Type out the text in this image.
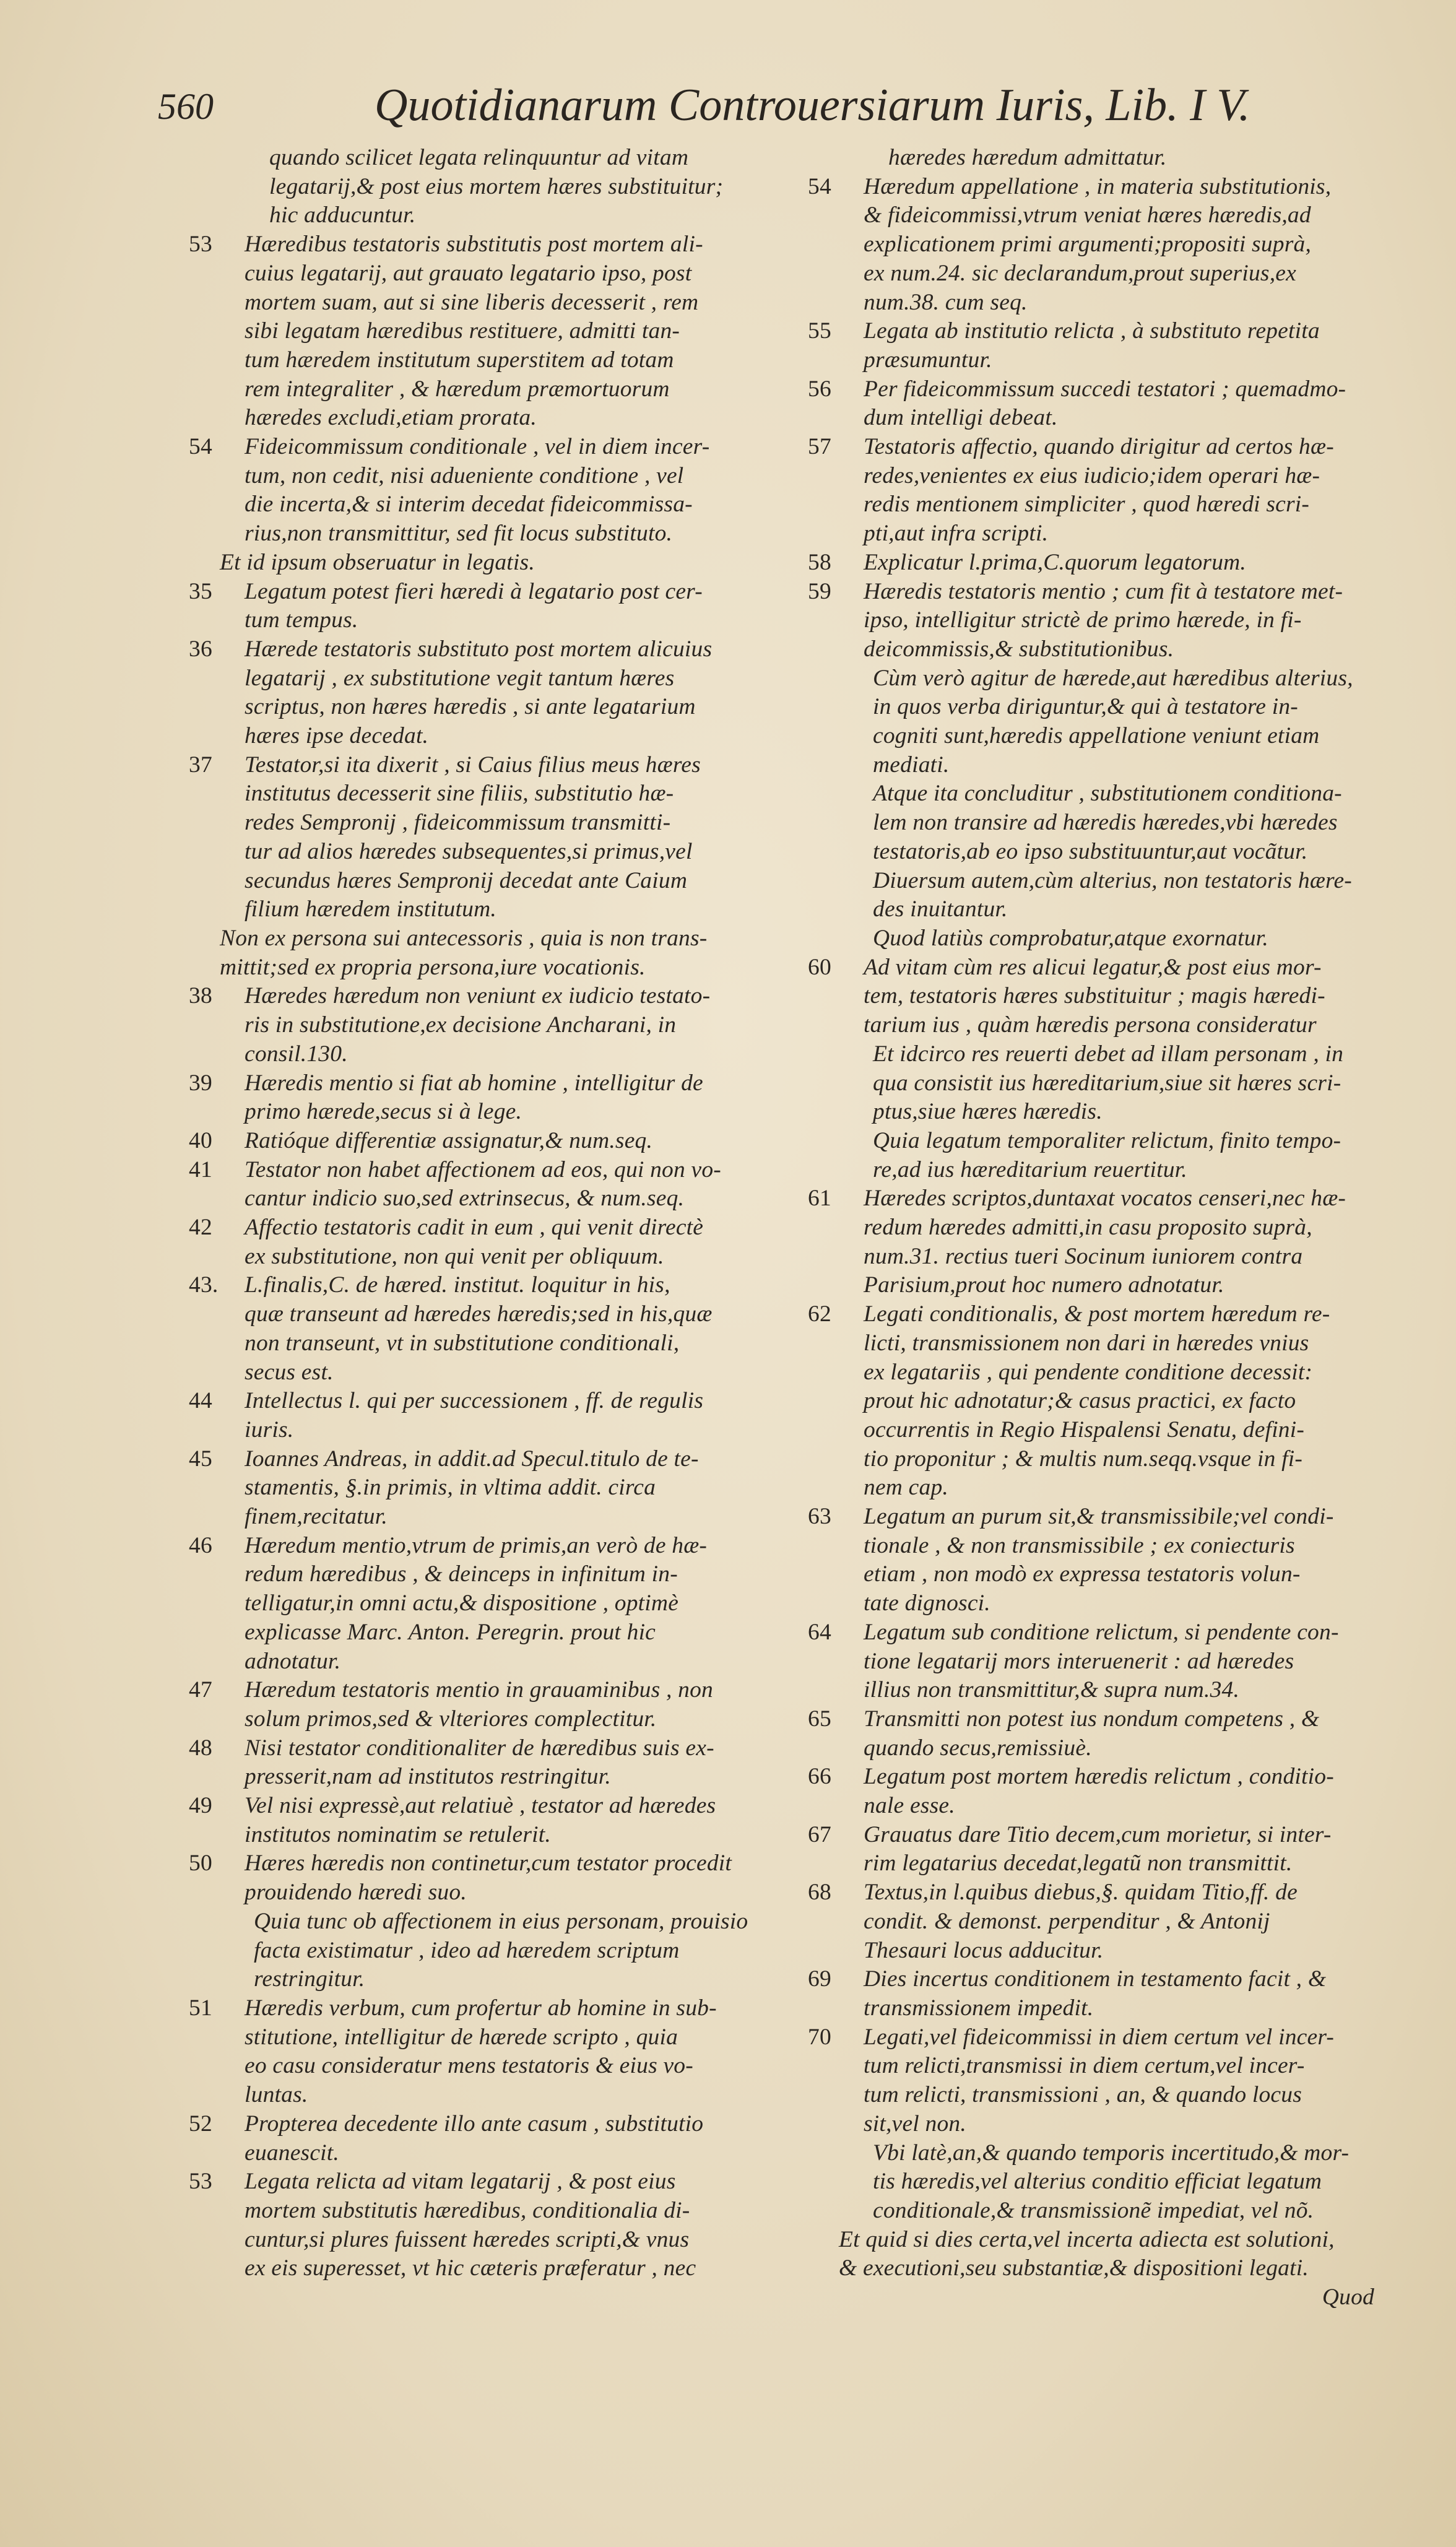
560	Quotidianarum Controuersiarum Iuris, Lib. I V.
quando scilicet legata relinquuntur ad vitam
legatarij,& post eius mortem hæres substituitur;
hic adducuntur.
53 Hæredibus testatoris substitutis post mortem ali-
cuius legatarij, aut grauato legatario ipso, post
mortem suam, aut si sine liberis decesserit , rem
sibi legatam hæredibus restituere, admitti tan-
tum hæredem institutum superstitem ad totam
rem integraliter , & hæredum præmortuorum
hæredes excludi,etiam prorata.
54 Fideicommissum conditionale , vel in diem incer-
tum, non cedit, nisi adueniente conditione , vel
die incerta,& si interim decedat fideicommissa-
rius,non transmittitur, sed fit locus substituto.
Et id ipsum obseruatur in legatis.
35 Legatum potest fieri hæredi à legatario post cer-
tum tempus.
36 Hærede testatoris substituto post mortem alicuius
legatarij , ex substitutione vegit tantum hæres
scriptus, non hæres hæredis , si ante legatarium
hæres ipse decedat.
37 Testator,si ita dixerit , si Caius filius meus hæres
institutus decesserit sine filiis, substitutio hæ-
redes Sempronij , fideicommissum transmitti-
tur ad alios hæredes subsequentes,si primus,vel
secundus hæres Sempronij decedat ante Caium
filium hæredem institutum.
Non ex persona sui antecessoris , quia is non trans-
mittit;sed ex propria persona,iure vocationis.
38 Hæredes hæredum non veniunt ex iudicio testato-
ris in substitutione,ex decisione Ancharani, in
consil.130.
39 Hæredis mentio si fiat ab homine , intelligitur de
primo hærede,secus si à lege.
40 Ratióque differentiæ assignatur,& num.seq.
41 Testator non habet affectionem ad eos, qui non vo-
cantur indicio suo,sed extrinsecus, & num.seq.
42 Affectio testatoris cadit in eum , qui venit directè
ex substitutione, non qui venit per obliquum.
43. L.finalis,C. de hæred. institut. loquitur in his,
quæ transeunt ad hæredes hæredis;sed in his,quæ
non transeunt, vt in substitutione conditionali,
secus est.
44 Intellectus l. qui per successionem , ff. de regulis
iuris.
45 Ioannes Andreas, in addit.ad Specul.titulo de te-
stamentis, §.in primis, in vltima addit. circa
finem,recitatur.
46 Hæredum mentio,vtrum de primis,an verò de hæ-
redum hæredibus , & deinceps in infinitum in-
telligatur,in omni actu,& dispositione , optimè
explicasse Marc. Anton. Peregrin. prout hic
adnotatur.
47 Hæredum testatoris mentio in grauaminibus , non
solum primos,sed & vlteriores complectitur.
48 Nisi testator conditionaliter de hæredibus suis ex-
presserit,nam ad institutos restringitur.
49 Vel nisi expressè,aut relatiuè , testator ad hæredes
institutos nominatim se retulerit.
50 Hæres hæredis non continetur,cum testator procedit
prouidendo hæredi suo.
Quia tunc ob affectionem in eius personam, prouisio
facta existimatur , ideo ad hæredem scriptum
restringitur.
51 Hæredis verbum, cum profertur ab homine in sub-
stitutione, intelligitur de hærede scripto , quia
eo casu consideratur mens testatoris & eius vo-
luntas.
52 Propterea decedente illo ante casum , substitutio
euanescit.
53 Legata relicta ad vitam legatarij , & post eius
mortem substitutis hæredibus, conditionalia di-
cuntur,si plures fuissent hæredes scripti,& vnus
ex eis superesset, vt hic cæteris præferatur , nec
hæredes hæredum admittatur.
54 Hæredum appellatione , in materia substitutionis,
& fideicommissi,vtrum veniat hæres hæredis,ad
explicationem primi argumenti;propositi suprà,
ex num.24. sic declarandum,prout superius,ex
num.38. cum seq.
55 Legata ab institutio relicta , à substituto repetita
præsumuntur.
56 Per fideicommissum succedi testatori ; quemadmo-
dum intelligi debeat.
57 Testatoris affectio, quando dirigitur ad certos hæ-
redes,venientes ex eius iudicio;idem operari hæ-
redis mentionem simpliciter , quod hæredi scri-
pti,aut infra scripti.
58 Explicatur l.prima,C.quorum legatorum.
59 Hæredis testatoris mentio ; cum fit à testatore met-
ipso, intelligitur strictè de primo hærede, in fi-
deicommissis,& substitutionibus.
Cùm verò agitur de hærede,aut hæredibus alterius,
in quos verba diriguntur,& qui à testatore in-
cogniti sunt,hæredis appellatione veniunt etiam
mediati.
Atque ita concluditur , substitutionem conditiona-
lem non transire ad hæredis hæredes,vbi hæredes
testatoris,ab eo ipso substituuntur,aut vocãtur.
Diuersum autem,cùm alterius, non testatoris hære-
des inuitantur.
Quod latiùs comprobatur,atque exornatur.
60 Ad vitam cùm res alicui legatur,& post eius mor-
tem, testatoris hæres substituitur ; magis hæredi-
tarium ius , quàm hæredis persona consideratur
Et idcirco res reuerti debet ad illam personam , in
qua consistit ius hæreditarium,siue sit hæres scri-
ptus,siue hæres hæredis.
Quia legatum temporaliter relictum, finito tempo-
re,ad ius hæreditarium reuertitur.
61 Hæredes scriptos,duntaxat vocatos censeri,nec hæ-
redum hæredes admitti,in casu proposito suprà,
num.31. rectius tueri Socinum iuniorem contra
Parisium,prout hoc numero adnotatur.
62 Legati conditionalis, & post mortem hæredum re-
licti, transmissionem non dari in hæredes vnius
ex legatariis , qui pendente conditione decessit:
prout hic adnotatur;& casus practici, ex facto
occurrentis in Regio Hispalensi Senatu, defini-
tio proponitur ; & multis num.seqq.vsque in fi-
nem cap.
63 Legatum an purum sit,& transmissibile;vel condi-
tionale , & non transmissibile ; ex coniecturis
etiam , non modò ex expressa testatoris volun-
tate dignosci.
64 Legatum sub conditione relictum, si pendente con-
tione legatarij mors interuenerit : ad hæredes
illius non transmittitur,& supra num.34.
65 Transmitti non potest ius nondum competens , &
quando secus,remissiuè.
66 Legatum post mortem hæredis relictum , conditio-
nale esse.
67 Grauatus dare Titio decem,cum morietur, si inter-
rim legatarius decedat,legatũ non transmittit.
68 Textus,in l.quibus diebus,§. quidam Titio,ff. de
condit. & demonst. perpenditur , & Antonij
Thesauri locus adducitur.
69 Dies incertus conditionem in testamento facit , &
transmissionem impedit.
70 Legati,vel fideicommissi in diem certum vel incer-
tum relicti,transmissi in diem certum,vel incer-
tum relicti, transmissioni , an, & quando locus
sit,vel non.
Vbi latè,an,& quando temporis incertitudo,& mor-
tis hæredis,vel alterius conditio efficiat legatum
conditionale,& transmissionẽ impediat, vel nõ.
Et quid si dies certa,vel incerta adiecta est solutioni,
& executioni,seu substantiæ,& dispositioni legati.
Quod
